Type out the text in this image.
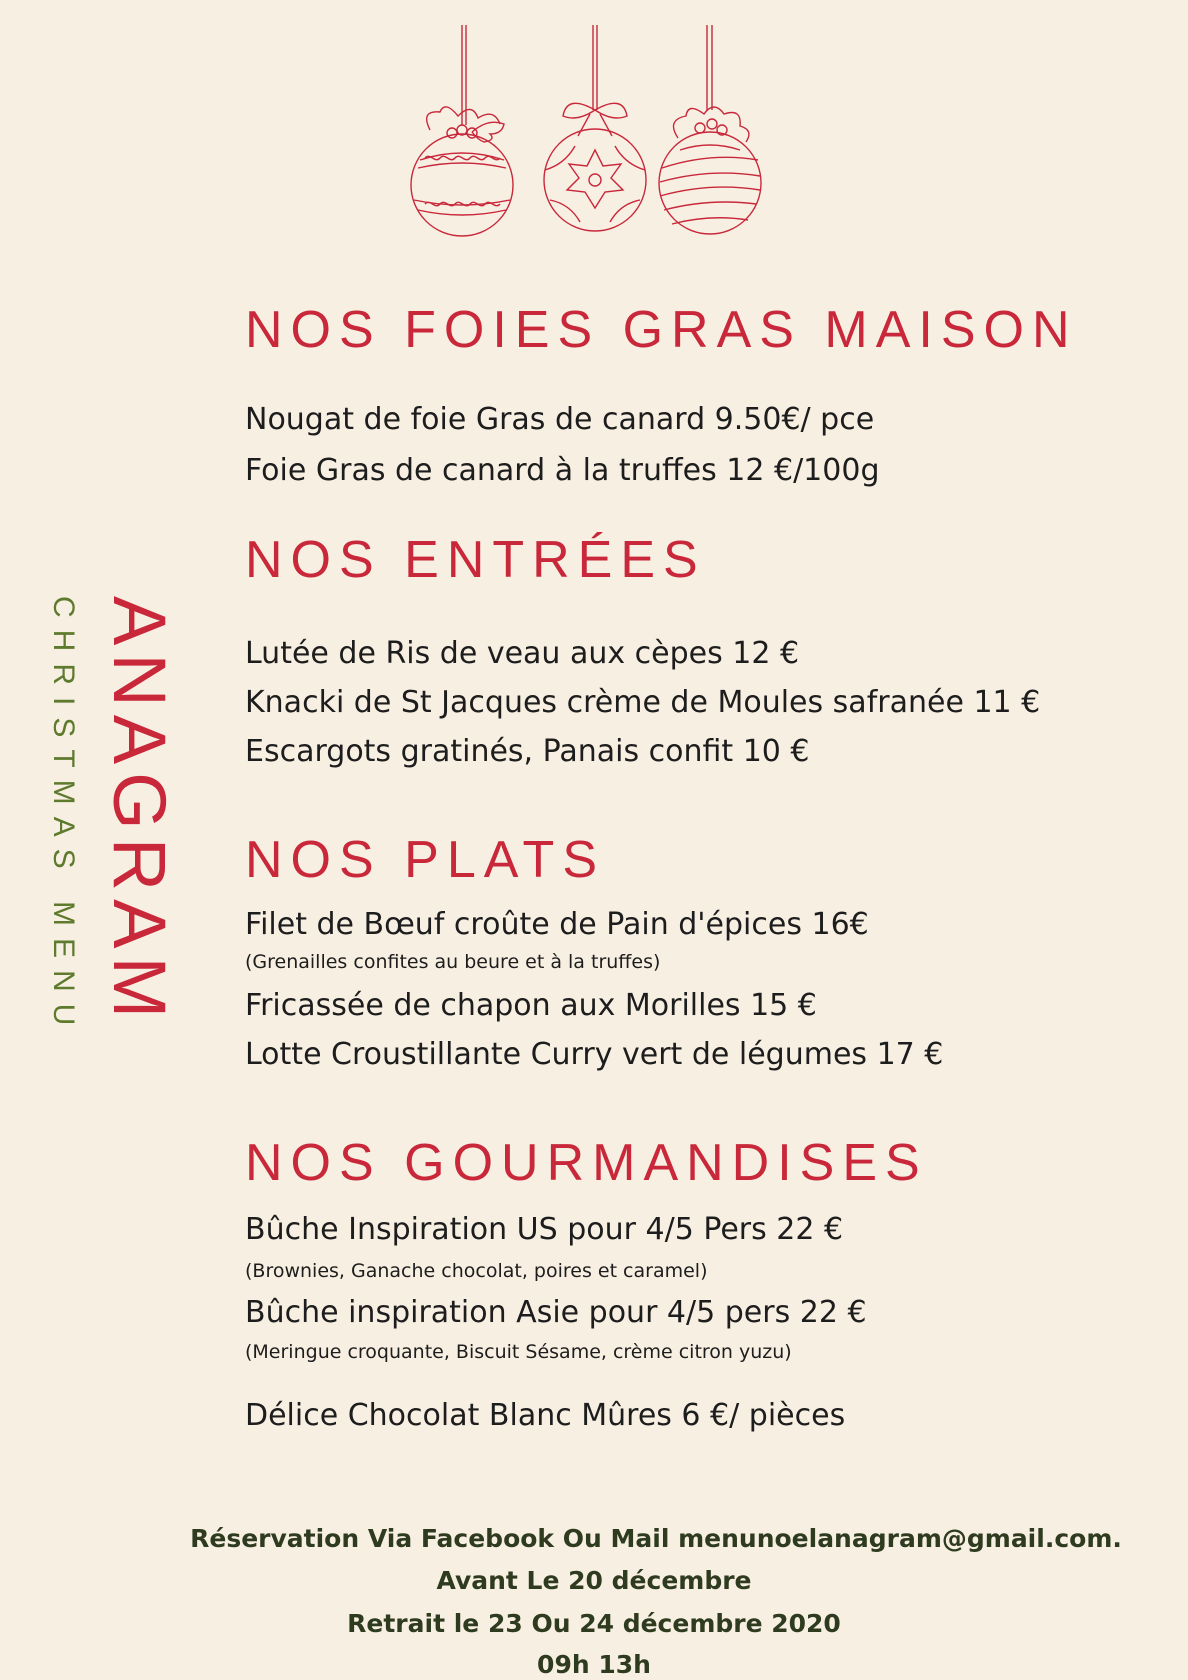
ANAGRAM
CHRISTMAS MENU
NOS FOIES GRAS MAISON

Nougat de foie Gras de canard 9.50€/ pce

Foie Gras de canard à la truffes 12 €/100g

NOS ENTRÉES

Lutée de Ris de veau aux cèpes 12 €

Knacki de St Jacques crème de Moules safranée 11 €

Escargots gratinés, Panais confit 10 €

NOS PLATS

Filet de Bœuf croûte de Pain d'épices 16€

(Grenailles confites au beure et à la truffes)

Fricassée de chapon aux Morilles 15 €

Lotte Croustillante Curry vert de légumes 17 €

NOS GOURMANDISES

Bûche Inspiration US pour 4/5 Pers 22 €

(Brownies, Ganache chocolat, poires et caramel)

Bûche inspiration Asie pour 4/5 pers 22 €

(Meringue croquante, Biscuit Sésame, crème citron yuzu)

Délice Chocolat Blanc Mûres 6 €/ pièces

Réservation Via Facebook Ou Mail menunoelanagram@gmail.com.

Avant Le 20 décembre

Retrait le 23 Ou 24 décembre 2020

09h 13h
